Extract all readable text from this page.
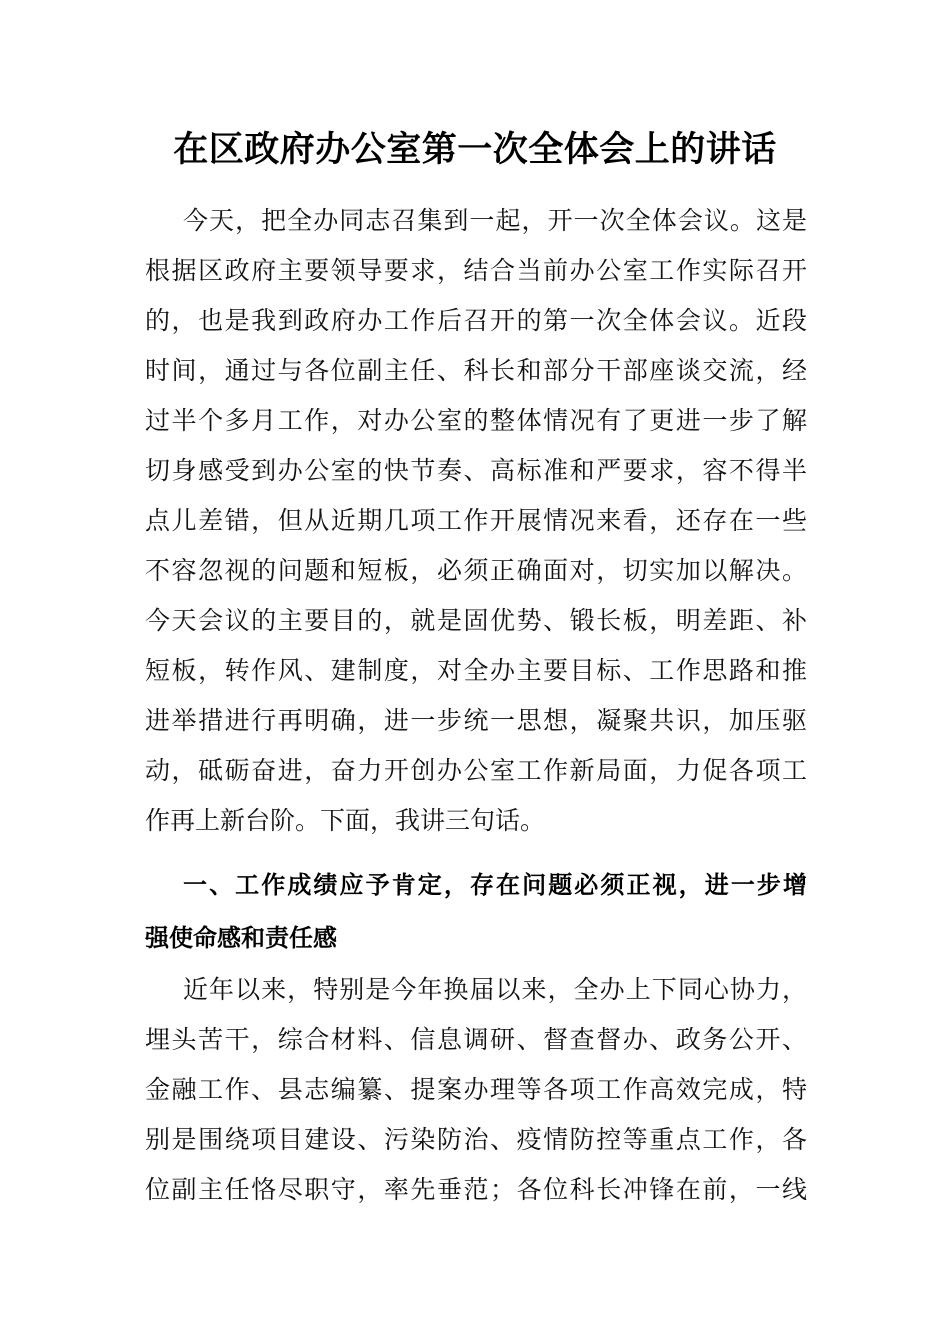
在区政府办公室第一次全体会上的讲话
今天，把全办同志召集到一起，开一次全体会议。这是
根据区政府主要领导要求，结合当前办公室工作实际召开
的，也是我到政府办工作后召开的第一次全体会议。近段
时间，通过与各位副主任、科长和部分干部座谈交流，经
过半个多月工作，对办公室的整体情况有了更进一步了解
切身感受到办公室的快节奏、高标准和严要求，容不得半
点儿差错，但从近期几项工作开展情况来看，还存在一些
不容忽视的问题和短板，必须正确面对，切实加以解决。
今天会议的主要目的，就是固优势、锻长板，明差距、补
短板，转作风、建制度，对全办主要目标、工作思路和推
进举措进行再明确，进一步统一思想，凝聚共识，加压驱
动，砥砺奋进，奋力开创办公室工作新局面，力促各项工
作再上新台阶。下面，我讲三句话。
一、工作成绩应予肯定，存在问题必须正视，进一步增
强使命感和责任感
近年以来，特别是今年换届以来，全办上下同心协力，
埋头苦干，综合材料、信息调研、督查督办、政务公开、
金融工作、县志编纂、提案办理等各项工作高效完成，特
别是围绕项目建设、污染防治、疫情防控等重点工作，各
位副主任恪尽职守，率先垂范；各位科长冲锋在前，一线
